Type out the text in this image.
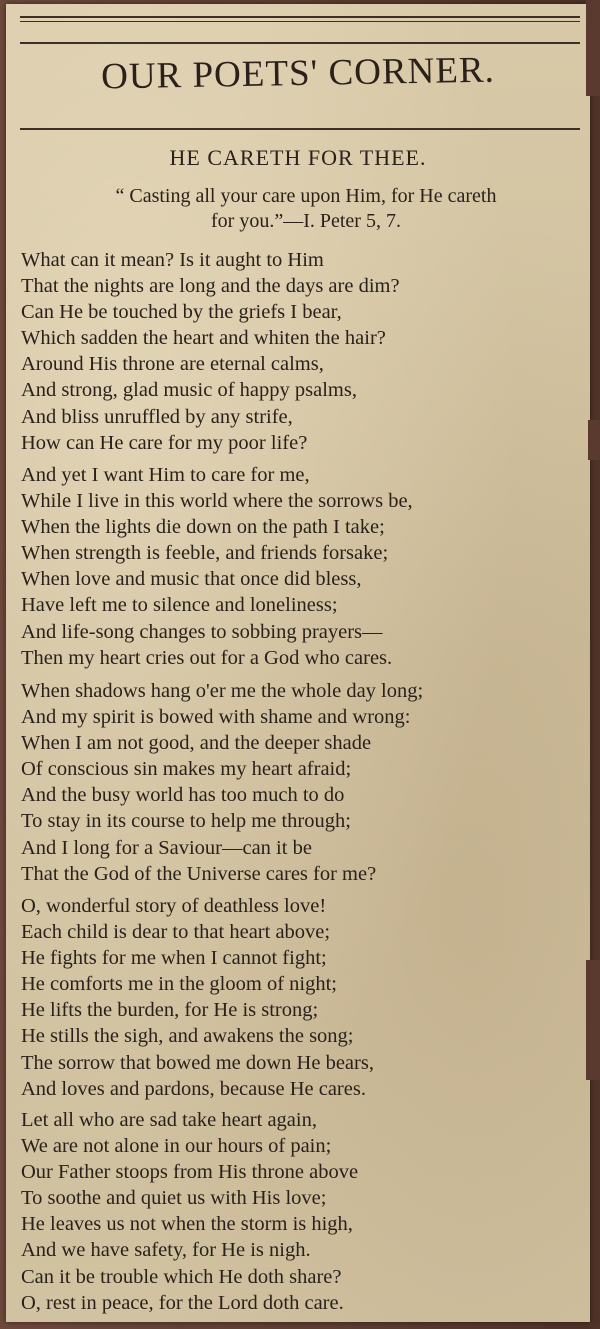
OUR POETS' CORNER.
HE CARETH FOR THEE.
“ Casting all your care upon Him, for He careth
for you.”—I. Peter 5, 7.
What can it mean? Is it aught to Him
That the nights are long and the days are dim?
Can He be touched by the griefs I bear,
Which sadden the heart and whiten the hair?
Around His throne are eternal calms,
And strong, glad music of happy psalms,
And bliss unruffled by any strife,
How can He care for my poor life?
And yet I want Him to care for me,
While I live in this world where the sorrows be,
When the lights die down on the path I take;
When strength is feeble, and friends forsake;
When love and music that once did bless,
Have left me to silence and loneliness;
And life-song changes to sobbing prayers—
Then my heart cries out for a God who cares.
When shadows hang o'er me the whole day long;
And my spirit is bowed with shame and wrong:
When I am not good, and the deeper shade
Of conscious sin makes my heart afraid;
And the busy world has too much to do
To stay in its course to help me through;
And I long for a Saviour—can it be
That the God of the Universe cares for me?
O, wonderful story of deathless love!
Each child is dear to that heart above;
He fights for me when I cannot fight;
He comforts me in the gloom of night;
He lifts the burden, for He is strong;
He stills the sigh, and awakens the song;
The sorrow that bowed me down He bears,
And loves and pardons, because He cares.
Let all who are sad take heart again,
We are not alone in our hours of pain;
Our Father stoops from His throne above
To soothe and quiet us with His love;
He leaves us not when the storm is high,
And we have safety, for He is nigh.
Can it be trouble which He doth share?
O, rest in peace, for the Lord doth care.
